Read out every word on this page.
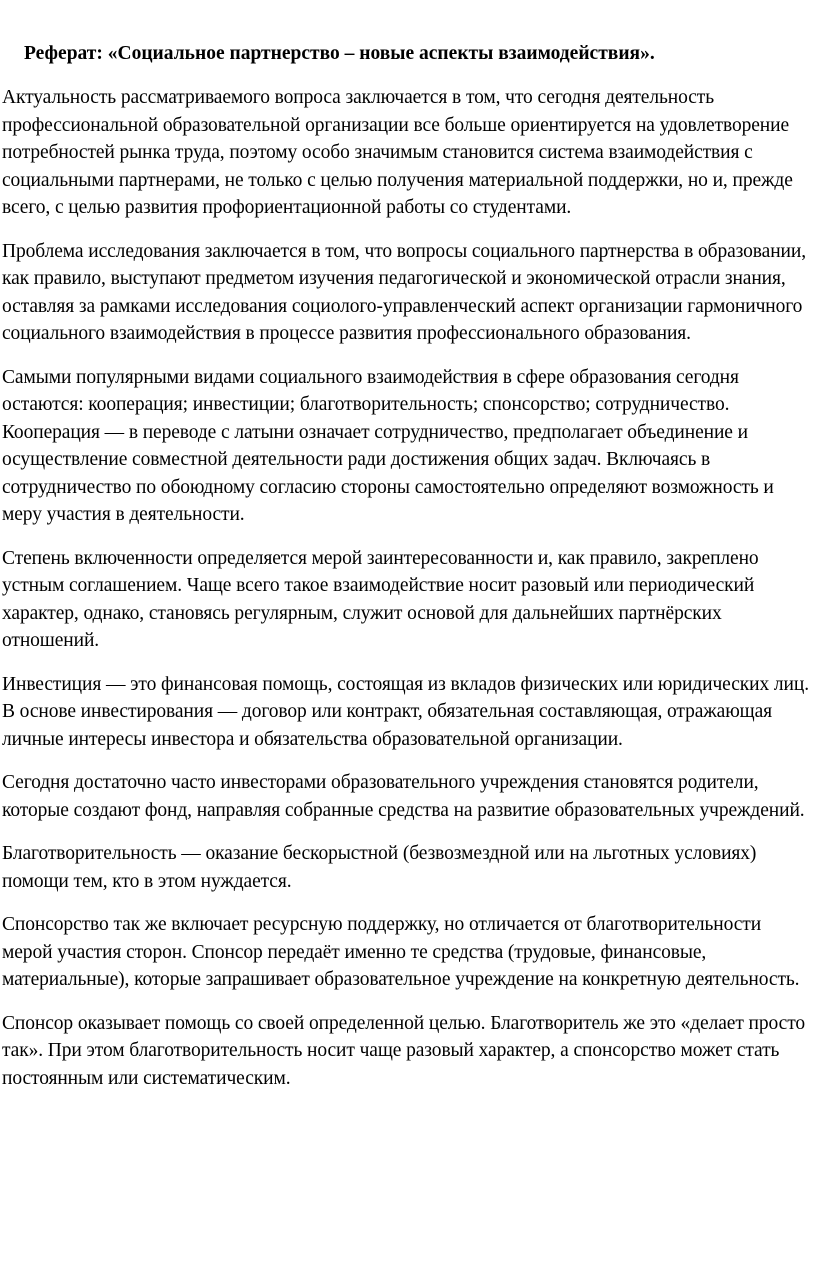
Реферат: «Социальное партнерство – новые аспекты взаимодействия».

Актуальность рассматриваемого вопроса заключается в том, что сегодня деятельность профессиональной образовательной организации все больше ориентируется на удовлетворение потребностей рынка труда, поэтому особо значимым становится система взаимодействия с социальными партнерами, не только с целью получения материальной поддержки, но и, прежде всего, с целью развития профориентационной работы со студентами.

Проблема исследования заключается в том, что вопросы социального партнерства в образовании, как правило, выступают предметом изучения педагогической и экономической отрасли знания, оставляя за рамками исследования социолого-управленческий аспект организации гармоничного социального взаимодействия в процессе развития профессионального образования.

Самыми популярными видами социального взаимодействия в сфере образования сегодня остаются: кооперация; инвестиции; благотворительность; спонсорство; сотрудничество. Кооперация — в переводе с латыни означает сотрудничество, предполагает объединение и осуществление совместной деятельности ради достижения общих задач. Включаясь в сотрудничество по обоюдному согласию стороны самостоятельно определяют возможность и меру участия в деятельности.

Степень включенности определяется мерой заинтересованности и, как правило, закреплено устным соглашением. Чаще всего такое взаимодействие носит разовый или периодический характер, однако, становясь регулярным, служит основой для дальнейших партнёрских отношений.

Инвестиция — это финансовая помощь, состоящая из вкладов физических или юридических лиц. В основе инвестирования — договор или контракт, обязательная составляющая, отражающая личные интересы инвестора и обязательства образовательной организации.

Сегодня достаточно часто инвесторами образовательного учреждения становятся родители, которые создают фонд, направляя собранные средства на развитие образовательных учреждений.

Благотворительность — оказание бескорыстной (безвозмездной или на льготных условиях) помощи тем, кто в этом нуждается.

Спонсорство так же включает ресурсную поддержку, но отличается от благотворительности мерой участия сторон. Спонсор передаёт именно те средства (трудовые, финансовые, материальные), которые запрашивает образовательное учреждение на конкретную деятельность.

Спонсор оказывает помощь со своей определенной целью. Благотворитель же это «делает просто так». При этом благотворительность носит чаще разовый характер, а спонсорство может стать постоянным или систематическим.
